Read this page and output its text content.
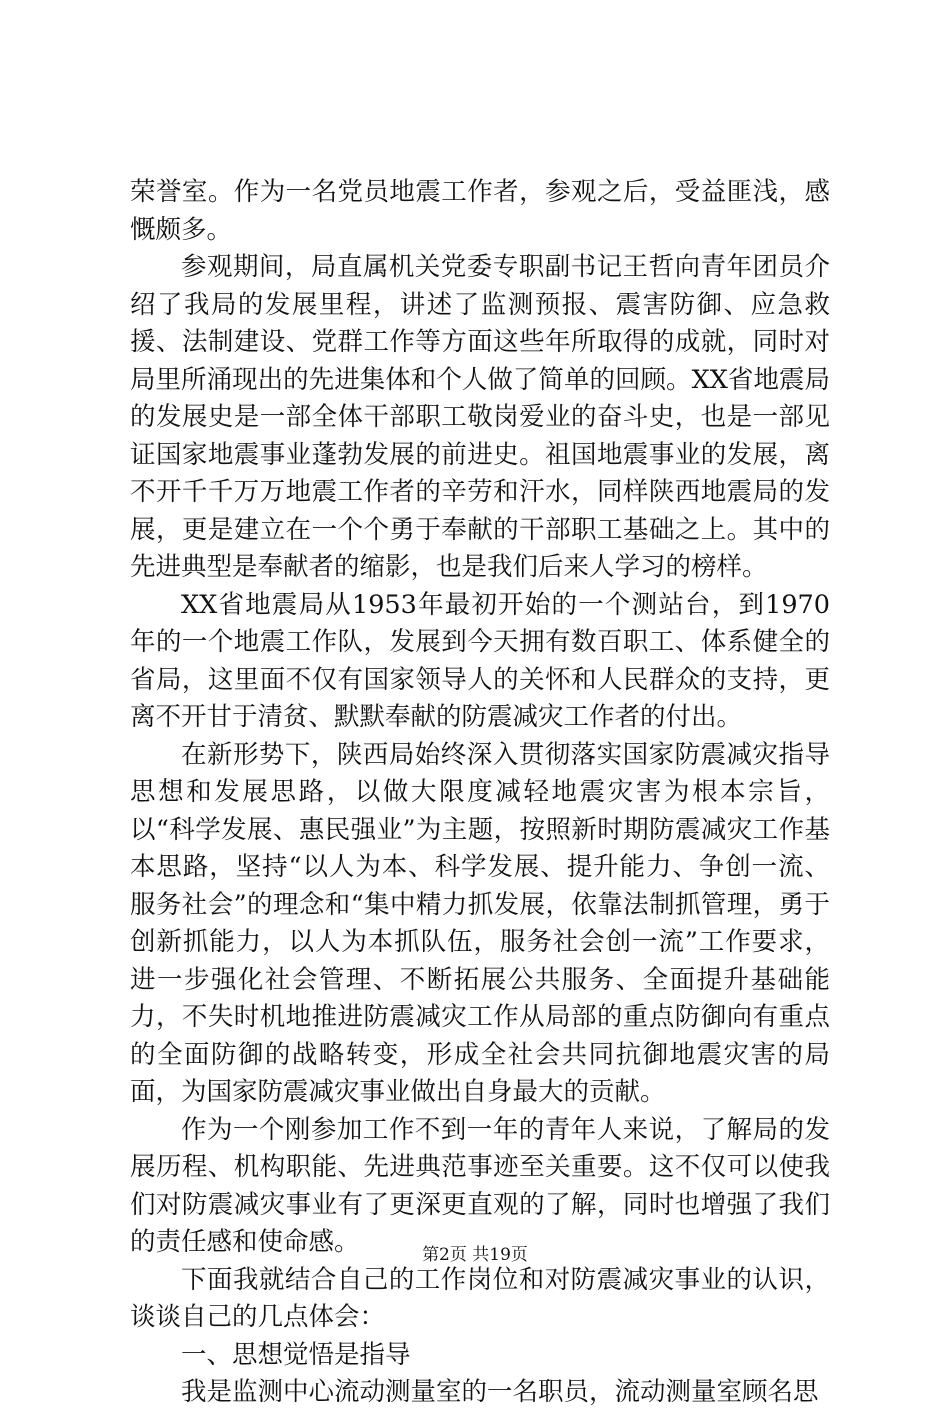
荣誉室。作为一名党员地震工作者，参观之后，受益匪浅，感慨颇多。

参观期间，局直属机关党委专职副书记王哲向青年团员介绍了我局的发展里程，讲述了监测预报、震害防御、应急救援、法制建设、党群工作等方面这些年所取得的成就，同时对局里所涌现出的先进集体和个人做了简单的回顾。XX省地震局的发展史是一部全体干部职工敬岗爱业的奋斗史，也是一部见证国家地震事业蓬勃发展的前进史。祖国地震事业的发展，离不开千千万万地震工作者的辛劳和汗水，同样陕西地震局的发展，更是建立在一个个勇于奉献的干部职工基础之上。其中的先进典型是奉献者的缩影，也是我们后来人学习的榜样。

XX省地震局从1953年最初开始的一个测站台，到1970年的一个地震工作队，发展到今天拥有数百职工、体系健全的省局，这里面不仅有国家领导人的关怀和人民群众的支持，更离不开甘于清贫、默默奉献的防震减灾工作者的付出。

在新形势下，陕西局始终深入贯彻落实国家防震减灾指导思想和发展思路，以做大限度减轻地震灾害为根本宗旨，以“科学发展、惠民强业”为主题，按照新时期防震减灾工作基本思路，坚持“以人为本、科学发展、提升能力、争创一流、服务社会”的理念和“集中精力抓发展，依靠法制抓管理，勇于创新抓能力，以人为本抓队伍，服务社会创一流”工作要求，进一步强化社会管理、不断拓展公共服务、全面提升基础能力，不失时机地推进防震减灾工作从局部的重点防御向有重点的全面防御的战略转变，形成全社会共同抗御地震灾害的局面，为国家防震减灾事业做出自身最大的贡献。

作为一个刚参加工作不到一年的青年人来说，了解局的发展历程、机构职能、先进典范事迹至关重要。这不仅可以使我们对防震减灾事业有了更深更直观的了解，同时也增强了我们的责任感和使命感。

下面我就结合自己的工作岗位和对防震减灾事业的认识，谈谈自己的几点体会：

一、思想觉悟是指导

我是监测中心流动测量室的一名职员，流动测量室顾名思

第2页 共19页
